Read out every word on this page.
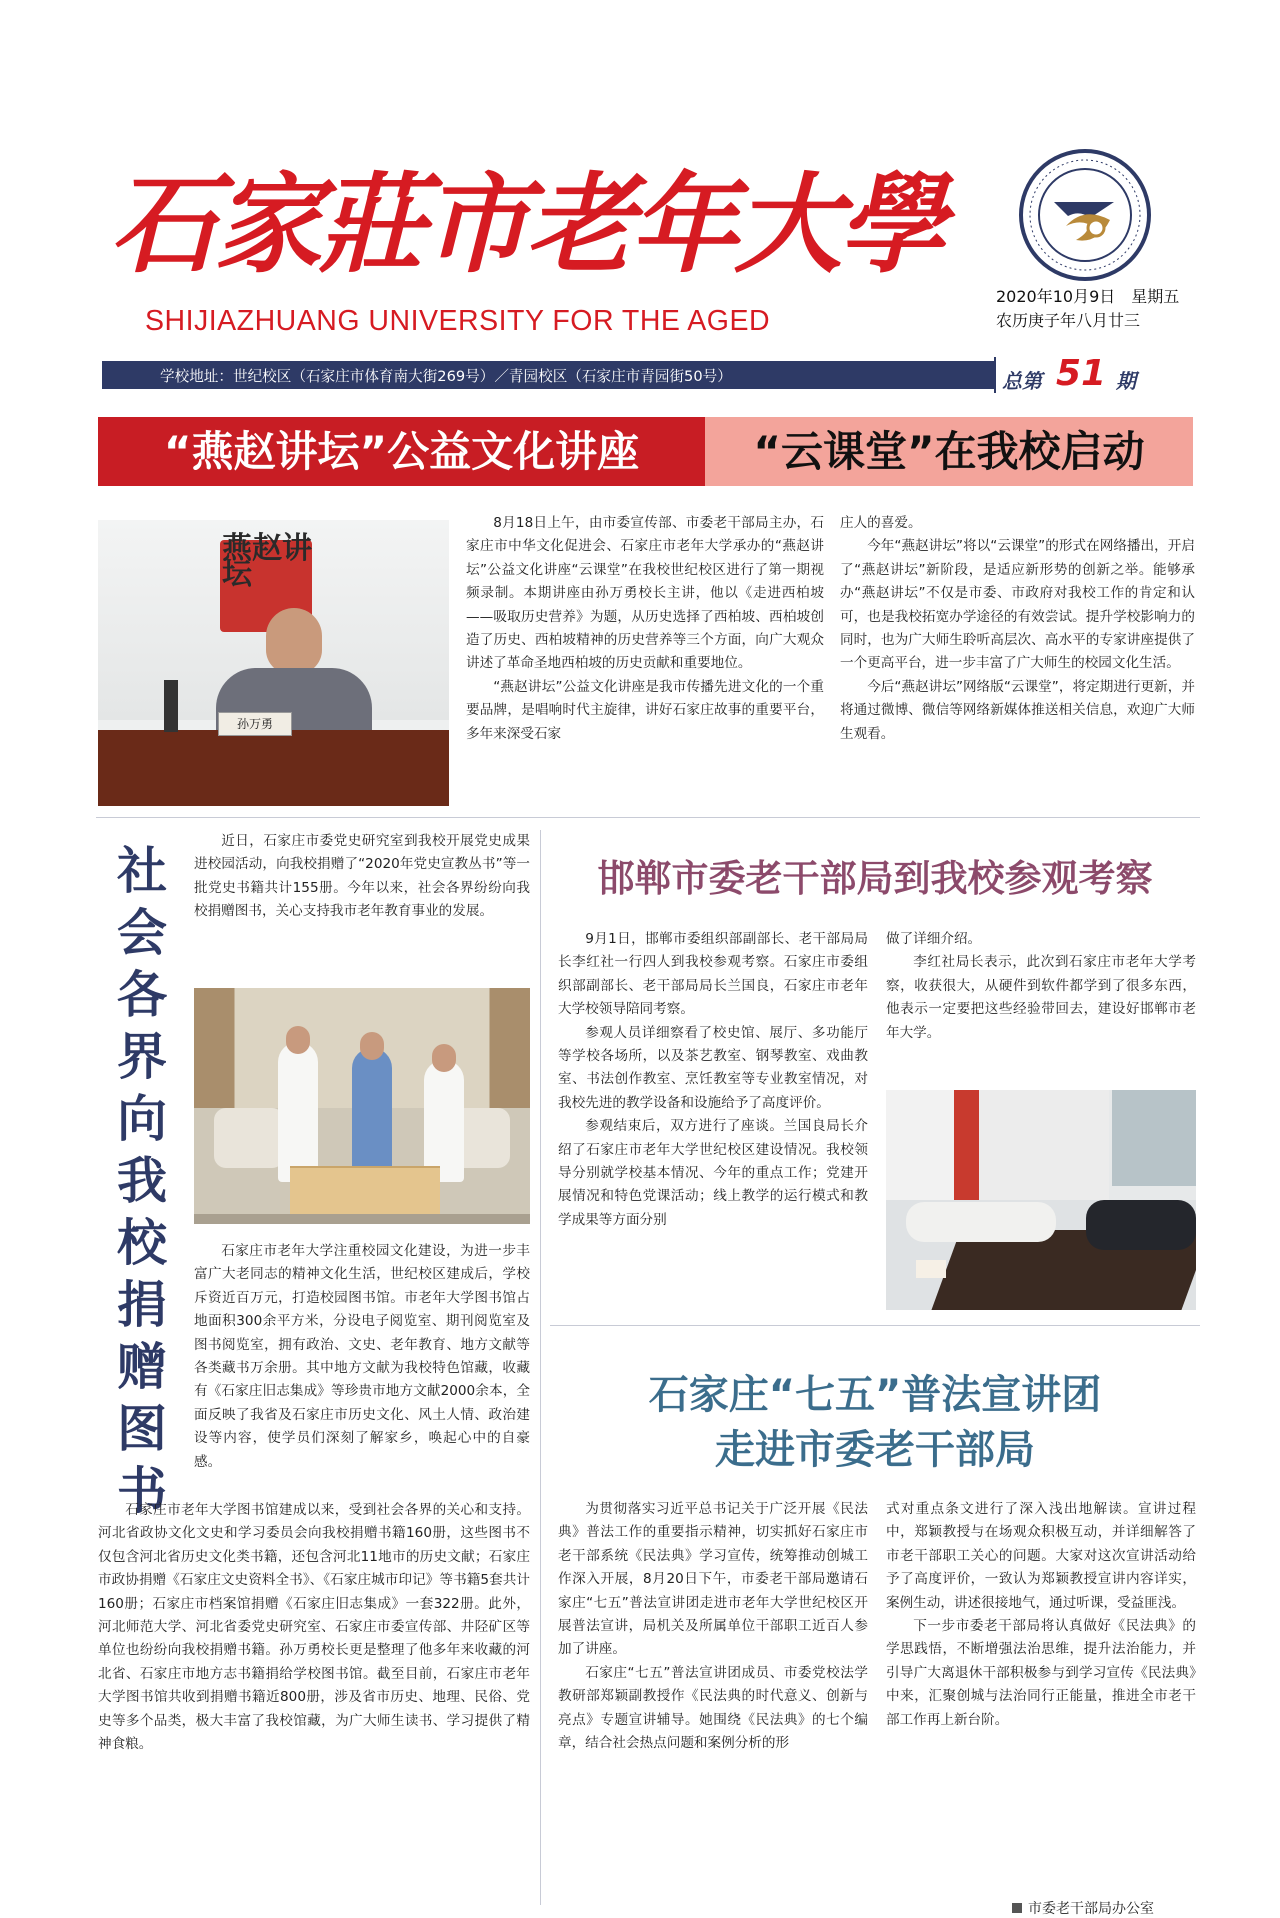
石家莊市老年大學
SHIJIAZHUANG UNIVERSITY FOR THE AGED
2020年10月9日　星期五
农历庚子年八月廿三
学校地址：世纪校区（石家庄市体育南大街269号）／青园校区（石家庄市青园街50号）	总第 51 期
“燕赵讲坛”公益文化讲座	“云课堂”在我校启动
燕赵讲坛
孙万勇

8月18日上午，由市委宣传部、市委老干部局主办，石家庄市中华文化促进会、石家庄市老年大学承办的“燕赵讲坛”公益文化讲座“云课堂”在我校世纪校区进行了第一期视频录制。本期讲座由孙万勇校长主讲，他以《走进西柏坡——吸取历史营养》为题，从历史选择了西柏坡、西柏坡创造了历史、西柏坡精神的历史营养等三个方面，向广大观众讲述了革命圣地西柏坡的历史贡献和重要地位。

“燕赵讲坛”公益文化讲座是我市传播先进文化的一个重要品牌，是唱响时代主旋律，讲好石家庄故事的重要平台，多年来深受石家

庄人的喜爱。

今年“燕赵讲坛”将以“云课堂”的形式在网络播出，开启了“燕赵讲坛”新阶段，是适应新形势的创新之举。能够承办“燕赵讲坛”不仅是市委、市政府对我校工作的肯定和认可，也是我校拓宽办学途径的有效尝试。提升学校影响力的同时，也为广大师生聆听高层次、高水平的专家讲座提供了一个更高平台，进一步丰富了广大师生的校园文化生活。

今后“燕赵讲坛”网络版“云课堂”，将定期进行更新，并将通过微博、微信等网络新媒体推送相关信息，欢迎广大师生观看。

社
会
各
界
向
我
校
捐
赠
图
书

近日，石家庄市委党史研究室到我校开展党史成果进校园活动，向我校捐赠了“2020年党史宣教丛书”等一批党史书籍共计155册。今年以来，社会各界纷纷向我校捐赠图书，关心支持我市老年教育事业的发展。

石家庄市老年大学注重校园文化建设，为进一步丰富广大老同志的精神文化生活，世纪校区建成后，学校斥资近百万元，打造校园图书馆。市老年大学图书馆占地面积300余平方米，分设电子阅览室、期刊阅览室及图书阅览室，拥有政治、文史、老年教育、地方文献等各类藏书万余册。其中地方文献为我校特色馆藏，收藏有《石家庄旧志集成》等珍贵市地方文献2000余本，全面反映了我省及石家庄市历史文化、风土人情、政治建设等内容，使学员们深刻了解家乡，唤起心中的自豪感。

石家庄市老年大学图书馆建成以来，受到社会各界的关心和支持。河北省政协文化文史和学习委员会向我校捐赠书籍160册，这些图书不仅包含河北省历史文化类书籍，还包含河北11地市的历史文献；石家庄市政协捐赠《石家庄文史资料全书》、《石家庄城市印记》等书籍5套共计160册；石家庄市档案馆捐赠《石家庄旧志集成》一套322册。此外，河北师范大学、河北省委党史研究室、石家庄市委宣传部、井陉矿区等单位也纷纷向我校捐赠书籍。孙万勇校长更是整理了他多年来收藏的河北省、石家庄市地方志书籍捐给学校图书馆。截至目前，石家庄市老年大学图书馆共收到捐赠书籍近800册，涉及省市历史、地理、民俗、党史等多个品类，极大丰富了我校馆藏，为广大师生读书、学习提供了精神食粮。

邯郸市委老干部局到我校参观考察

9月1日，邯郸市委组织部副部长、老干部局局长李红社一行四人到我校参观考察。石家庄市委组织部副部长、老干部局局长兰国良，石家庄市老年大学校领导陪同考察。

参观人员详细察看了校史馆、展厅、多功能厅等学校各场所，以及茶艺教室、钢琴教室、戏曲教室、书法创作教室、烹饪教室等专业教室情况，对我校先进的教学设备和设施给予了高度评价。

参观结束后，双方进行了座谈。兰国良局长介绍了石家庄市老年大学世纪校区建设情况。我校领导分别就学校基本情况、今年的重点工作；党建开展情况和特色党课活动；线上教学的运行模式和教学成果等方面分别

做了详细介绍。

李红社局长表示，此次到石家庄市老年大学考察，收获很大，从硬件到软件都学到了很多东西，他表示一定要把这些经验带回去，建设好邯郸市老年大学。

石家庄“七五”普法宣讲团
走进市委老干部局

为贯彻落实习近平总书记关于广泛开展《民法典》普法工作的重要指示精神，切实抓好石家庄市老干部系统《民法典》学习宣传，统筹推动创城工作深入开展，8月20日下午，市委老干部局邀请石家庄“七五”普法宣讲团走进市老年大学世纪校区开展普法宣讲，局机关及所属单位干部职工近百人参加了讲座。

石家庄“七五”普法宣讲团成员、市委党校法学教研部郑颖副教授作《民法典的时代意义、创新与亮点》专题宣讲辅导。她围绕《民法典》的七个编章，结合社会热点问题和案例分析的形

式对重点条文进行了深入浅出地解读。宣讲过程中，郑颖教授与在场观众积极互动，并详细解答了市老干部职工关心的问题。大家对这次宣讲活动给予了高度评价，一致认为郑颖教授宣讲内容详实，案例生动，讲述很接地气，通过听课，受益匪浅。

下一步市委老干部局将认真做好《民法典》的学思践悟，不断增强法治思维，提升法治能力，并引导广大离退休干部积极参与到学习宣传《民法典》中来，汇聚创城与法治同行正能量，推进全市老干部工作再上新台阶。

市委老干部局办公室
